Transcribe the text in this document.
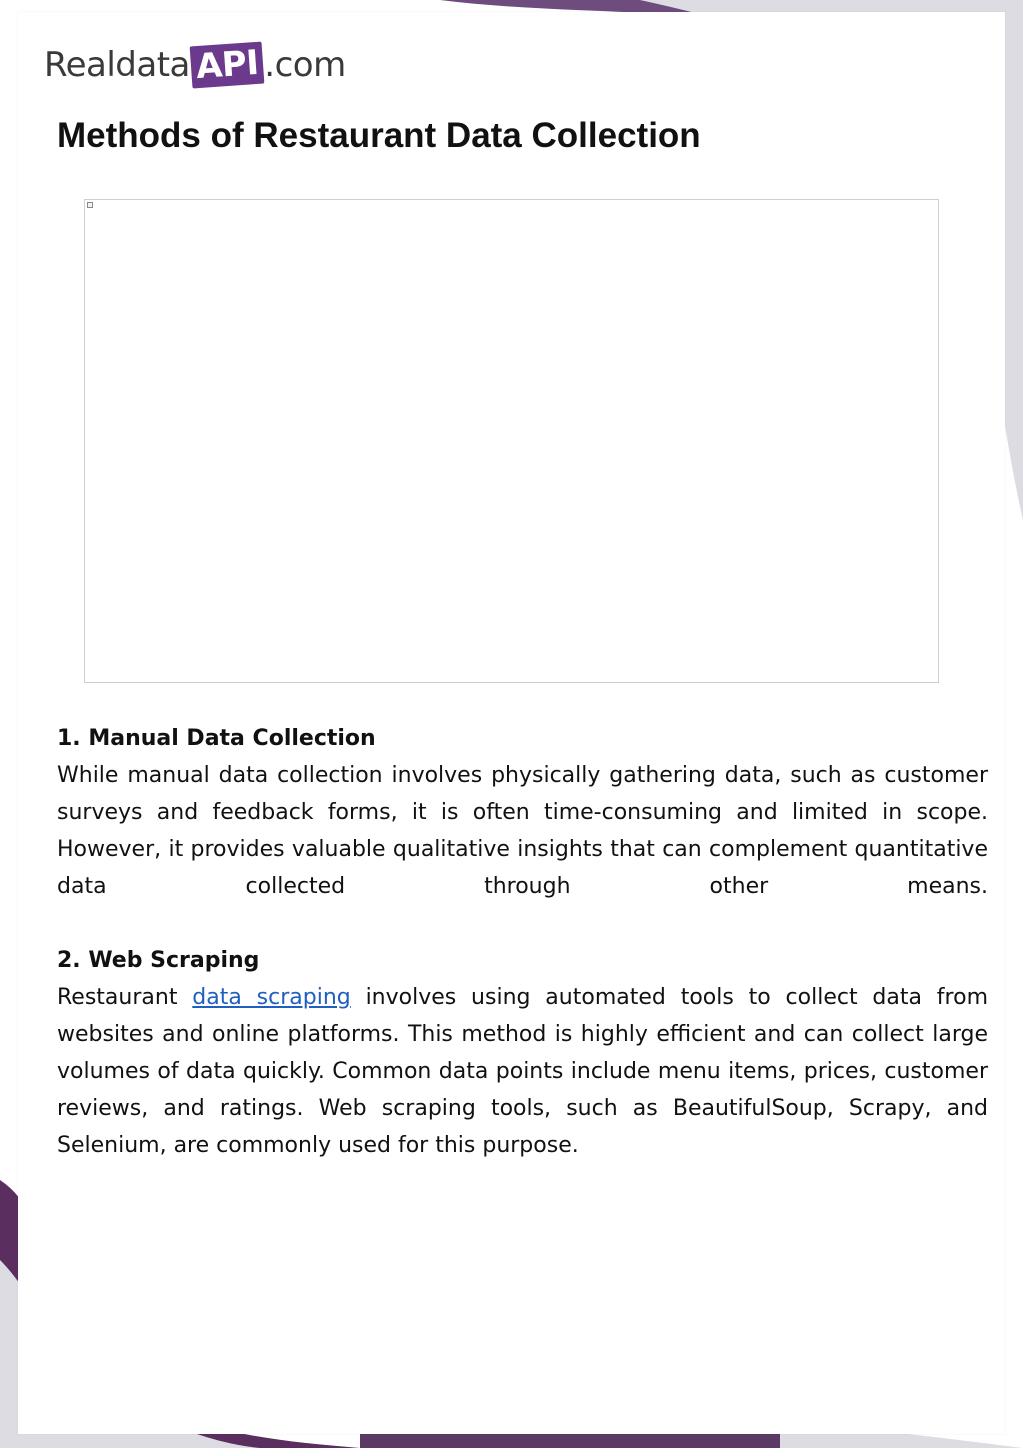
Realdata API .com
Methods of Restaurant Data Collection

1. Manual Data Collection

While manual data collection involves physically gathering data, such as customer surveys and feedback forms, it is often time-consuming and limited in scope. However, it provides valuable qualitative insights that can complement quantitative data collected through other means.

2. Web Scraping

Restaurant data scraping involves using automated tools to collect data from websites and online platforms. This method is highly efficient and can collect large volumes of data quickly. Common data points include menu items, prices, customer reviews, and ratings. Web scraping tools, such as BeautifulSoup, Scrapy, and Selenium, are commonly used for this purpose.
